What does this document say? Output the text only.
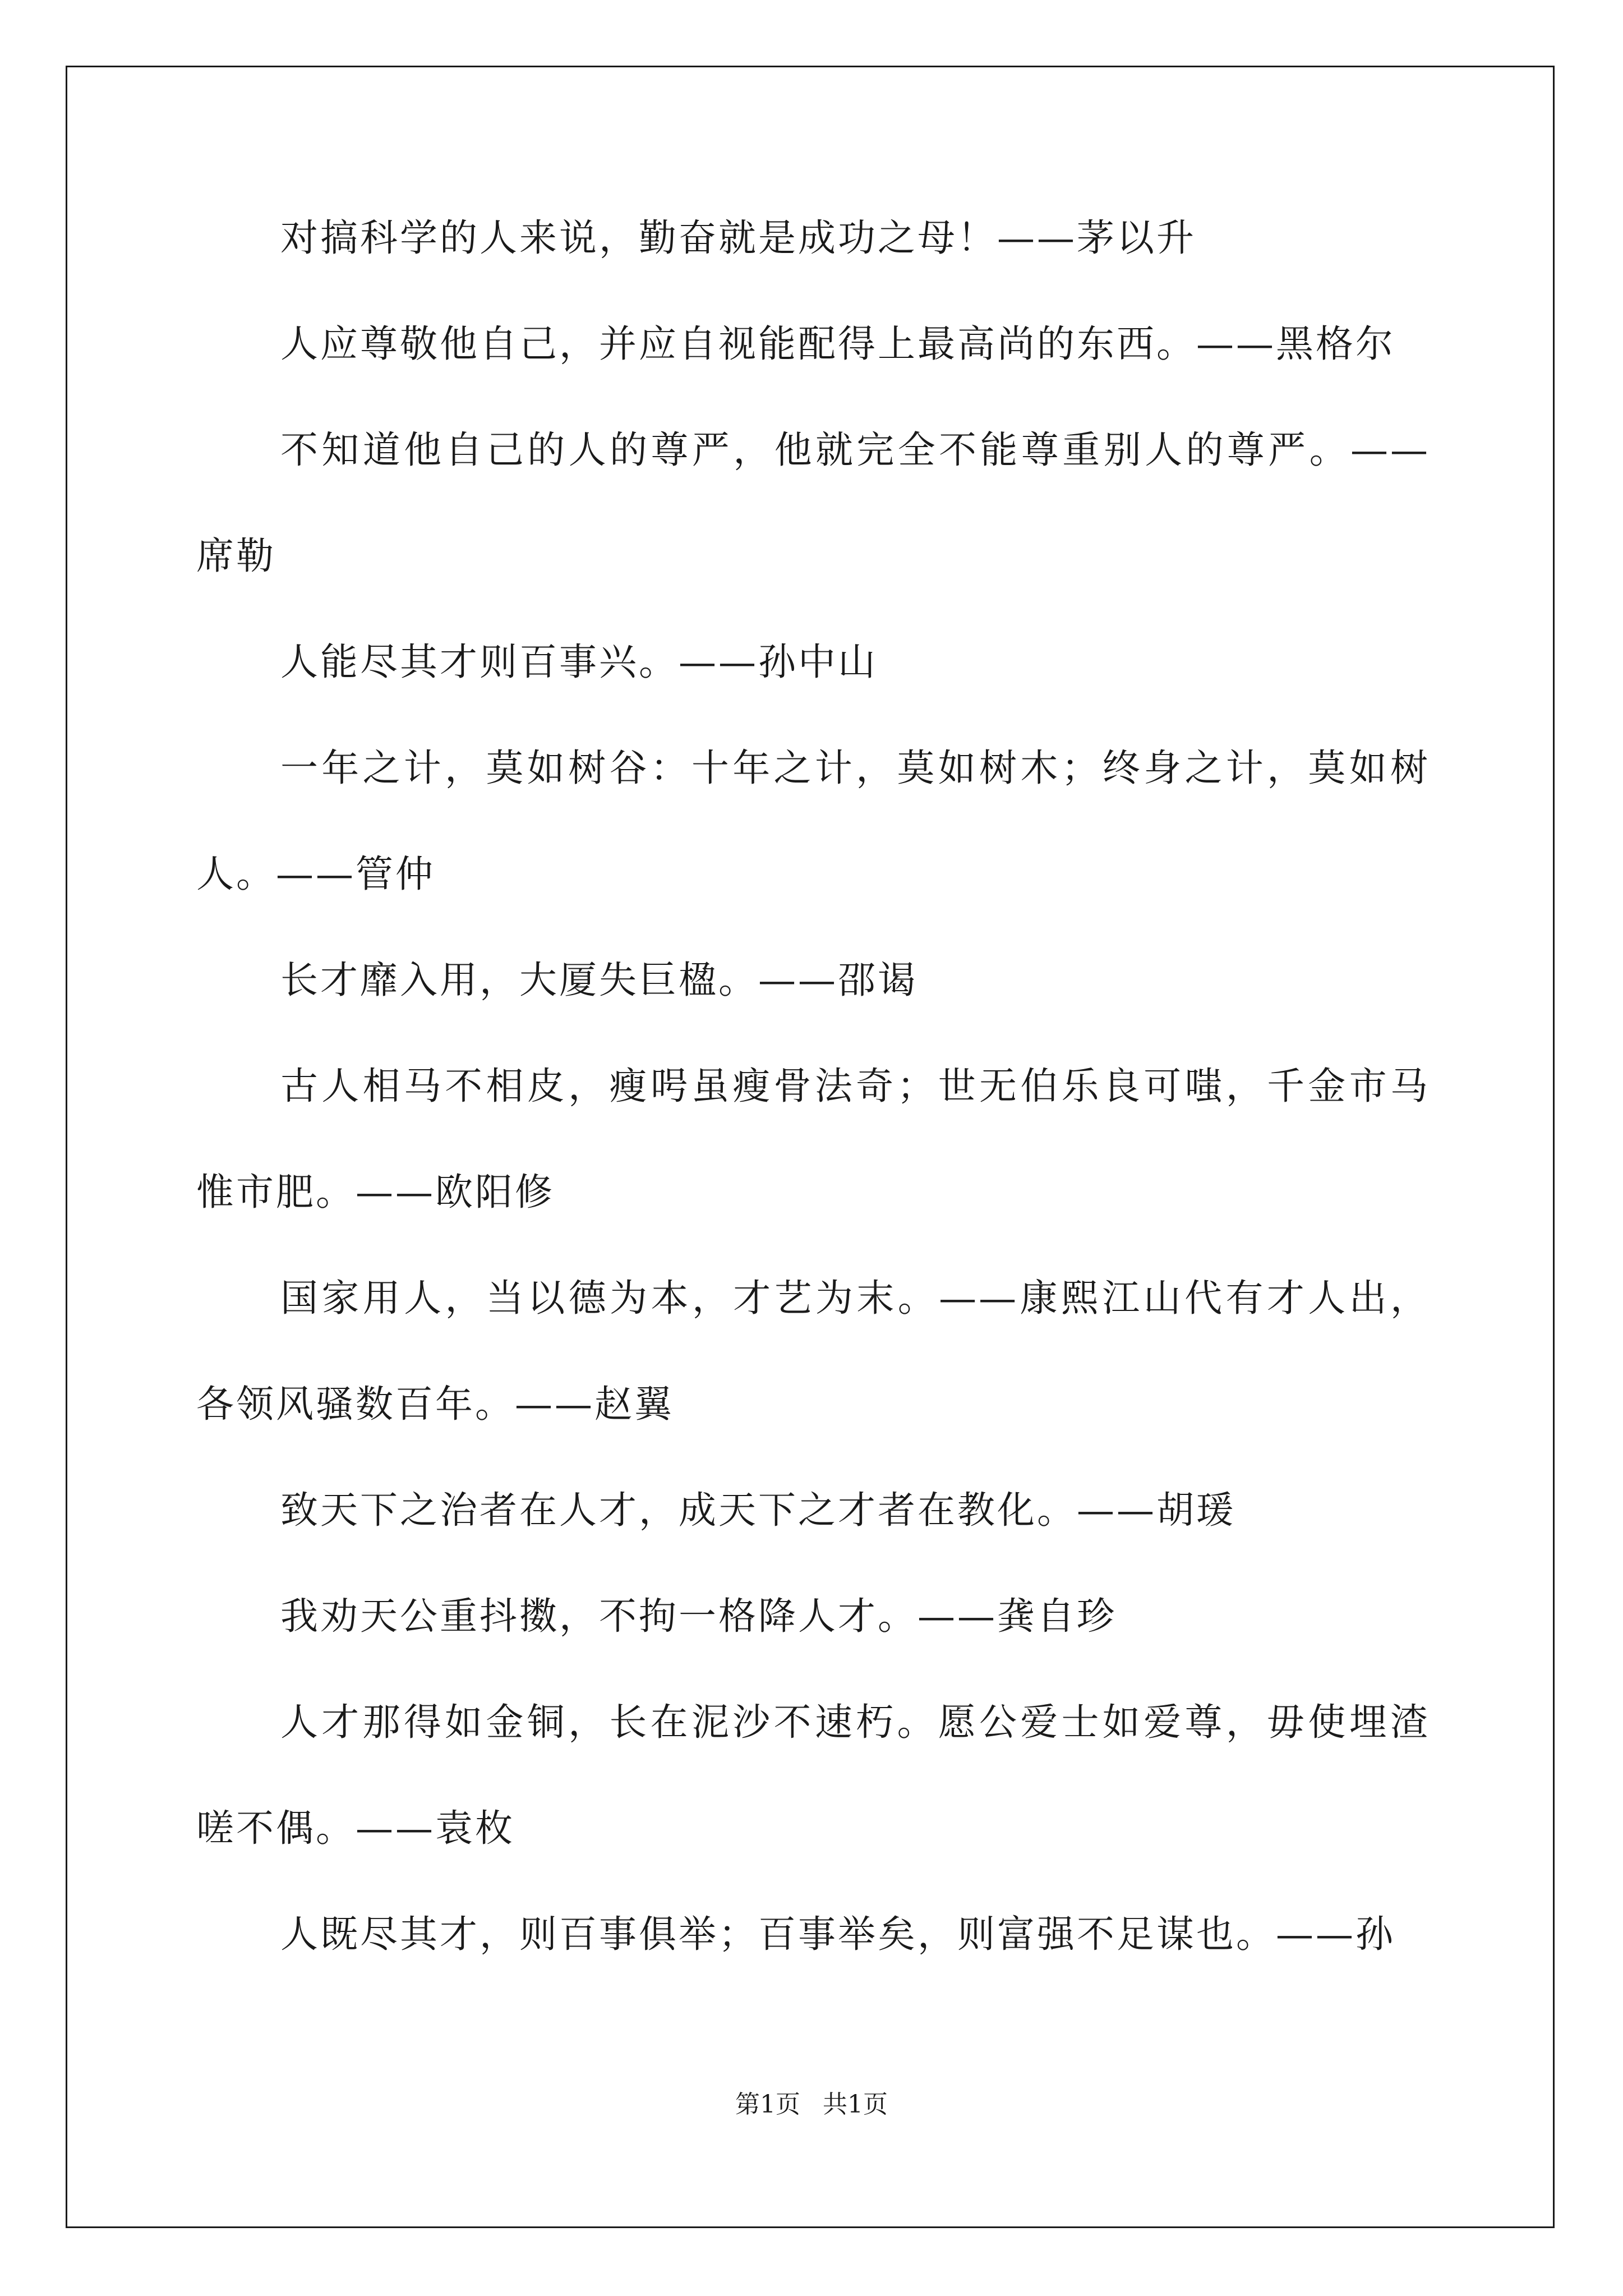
对搞科学的人来说，勤奋就是成功之母！——茅以升

人应尊敬他自己，并应自视能配得上最高尚的东西。——黑格尔

不知道他自己的人的尊严，他就完全不能尊重别人的尊严。——席勒

人能尽其才则百事兴。——孙中山

一年之计，莫如树谷：十年之计，莫如树木；终身之计，莫如树人。——管仲

长才靡入用，大厦失巨楹。——邵谒

古人相马不相皮，瘦呺虽瘦骨法奇；世无伯乐良可嗤，千金市马惟市肥。——欧阳修

国家用人，当以德为本，才艺为末。——康熙江山代有才人出，各领风骚数百年。——赵翼

致天下之治者在人才，成天下之才者在教化。——胡瑗

我劝天公重抖擞，不拘一格降人才。——龚自珍

人才那得如金铜，长在泥沙不速朽。愿公爱士如爱尊，毋使埋渣嗟不偶。——袁枚

人既尽其才，则百事俱举；百事举矣，则富强不足谋也。——孙

第1页 共1页
